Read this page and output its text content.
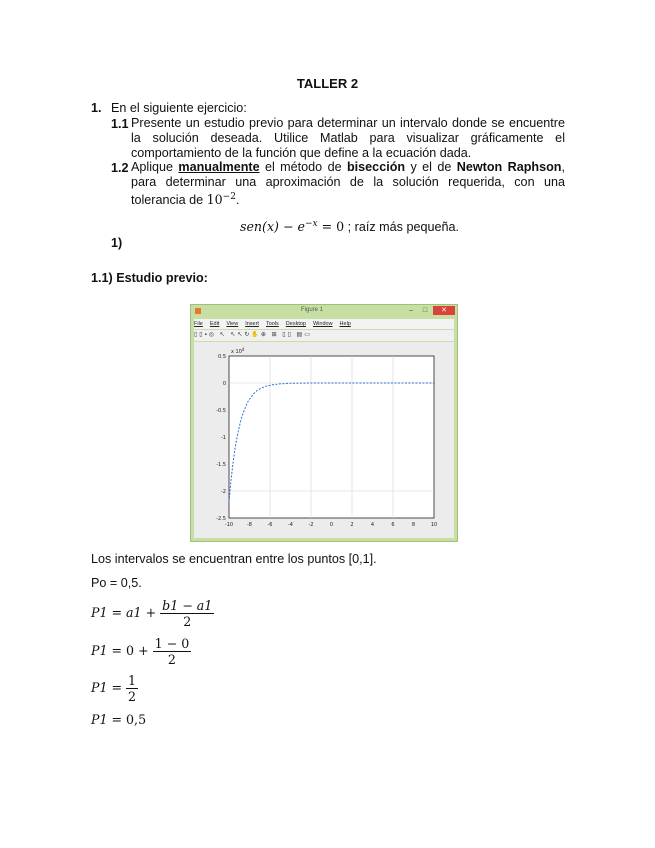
TALLER 2
1. En el siguiente ejercicio:
1.1 Presente un estudio previo para determinar un intervalo donde se encuentre la solución deseada. Utilice Matlab para visualizar gráficamente el comportamiento de la función que define a la ecuación dada.
1.2 Aplique manualmente el método de bisección y el de Newton Raphson, para determinar una aproximación de la solución requerida, con una tolerancia de $10^{-2}$.
$sen(x) - e^{-x} = 0$ ; raíz más pequeña.
1)
1.1) Estudio previo:
Figure 1	–	□	✕
File Edit View Insert Tools Desktop Window Help
▯▯▪◎ ↖ ↖↖↻✋⊕ ⊞ ▯▯ ▤▭
-10	-8	-6	-4	-2	0	2	4	6	8	10
0.5
0
-0.5
-1
-1.5
-2
-2.5
x $10^4$
Los intervalos se encuentran entre los puntos [0,1].
Po = 0,5.
$P1 = a1 + \frac{b1 - a1}{2}$
$P1 = 0 + \frac{1 - 0}{2}$
$P1 = \frac{1}{2}$
P1 = 0,5
